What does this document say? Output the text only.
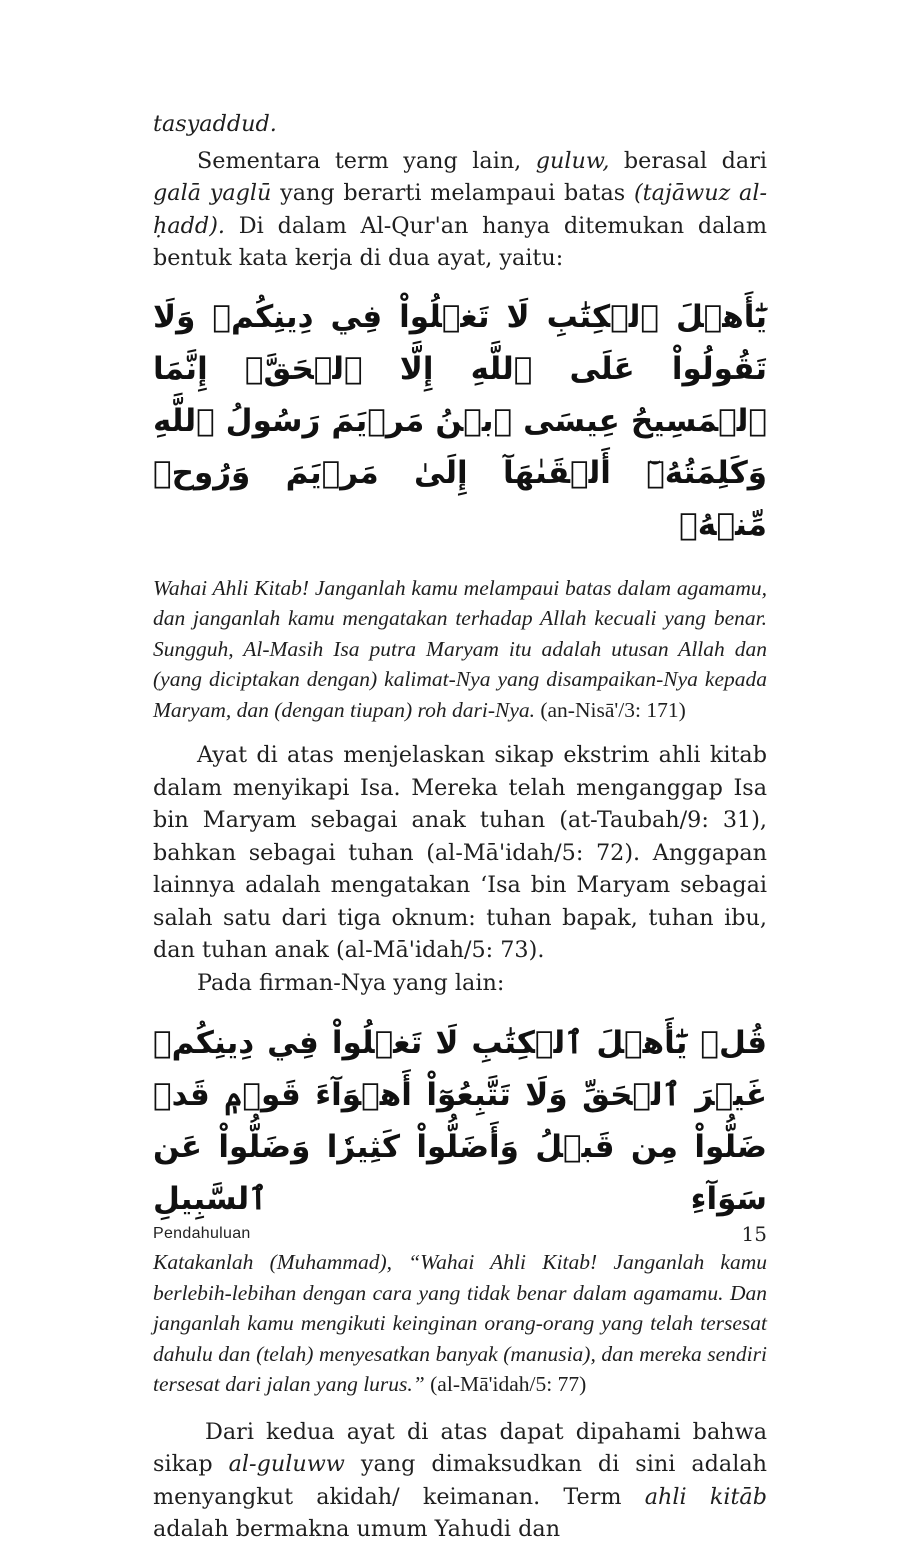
tasyaddud.

Sementara term yang lain, guluw, berasal dari galā yaglū yang berarti melampaui batas (tajāwuz al-ḥadd). Di dalam Al-Qur'an hanya ditemukan dalam bentuk kata kerja di dua ayat, yaitu:

يَٰٓأَهۡلَ ٱلۡكِتَٰبِ لَا تَغۡلُواْ فِي دِينِكُمۡ وَلَا تَقُولُواْ عَلَى ٱللَّهِ إِلَّا ٱلۡحَقَّۚ إِنَّمَا ٱلۡمَسِيحُ عِيسَى ٱبۡنُ مَرۡيَمَ رَسُولُ ٱللَّهِ وَكَلِمَتُهُۥٓ أَلۡقَىٰهَآ إِلَىٰ مَرۡيَمَ وَرُوحٞ مِّنۡهُۖ

Wahai Ahli Kitab! Janganlah kamu melampaui batas dalam agamamu, dan janganlah kamu mengatakan terhadap Allah kecuali yang benar. Sungguh, Al-Masih Isa putra Maryam itu adalah utusan Allah dan (yang diciptakan dengan) kalimat-Nya yang disampaikan-Nya kepada Maryam, dan (dengan tiupan) roh dari-Nya. (an-Nisā'/3: 171)

Ayat di atas menjelaskan sikap ekstrim ahli kitab dalam menyikapi Isa. Mereka telah menganggap Isa bin Maryam sebagai anak tuhan (at-Taubah/9: 31), bahkan sebagai tuhan (al-Mā'idah/5: 72). Anggapan lainnya adalah mengatakan ‘Isa bin Maryam sebagai salah satu dari tiga oknum: tuhan bapak, tuhan ibu, dan tuhan anak (al-Mā'idah/5: 73).

Pada firman-Nya yang lain:

قُلۡ يَٰٓأَهۡلَ ٱلۡكِتَٰبِ لَا تَغۡلُواْ فِي دِينِكُمۡ غَيۡرَ ٱلۡحَقِّ وَلَا تَتَّبِعُوٓاْ أَهۡوَآءَ قَوۡمٖ قَدۡ ضَلُّواْ مِن قَبۡلُ وَأَضَلُّواْ كَثِيرٗا وَضَلُّواْ عَن سَوَآءِ ٱلسَّبِيلِ

Katakanlah (Muhammad), “Wahai Ahli Kitab! Janganlah kamu berlebih-lebihan dengan cara yang tidak benar dalam agamamu. Dan janganlah kamu mengikuti keinginan orang-orang yang telah tersesat dahulu dan (telah) menyesatkan banyak (manusia), dan mereka sendiri tersesat dari jalan yang lurus.” (al-Mā'idah/5: 77)

Dari kedua ayat di atas dapat dipahami bahwa sikap al-guluww yang dimaksudkan di sini adalah menyangkut akidah/ keimanan. Term ahli kitāb adalah bermakna umum Yahudi dan

Pendahuluan	15
